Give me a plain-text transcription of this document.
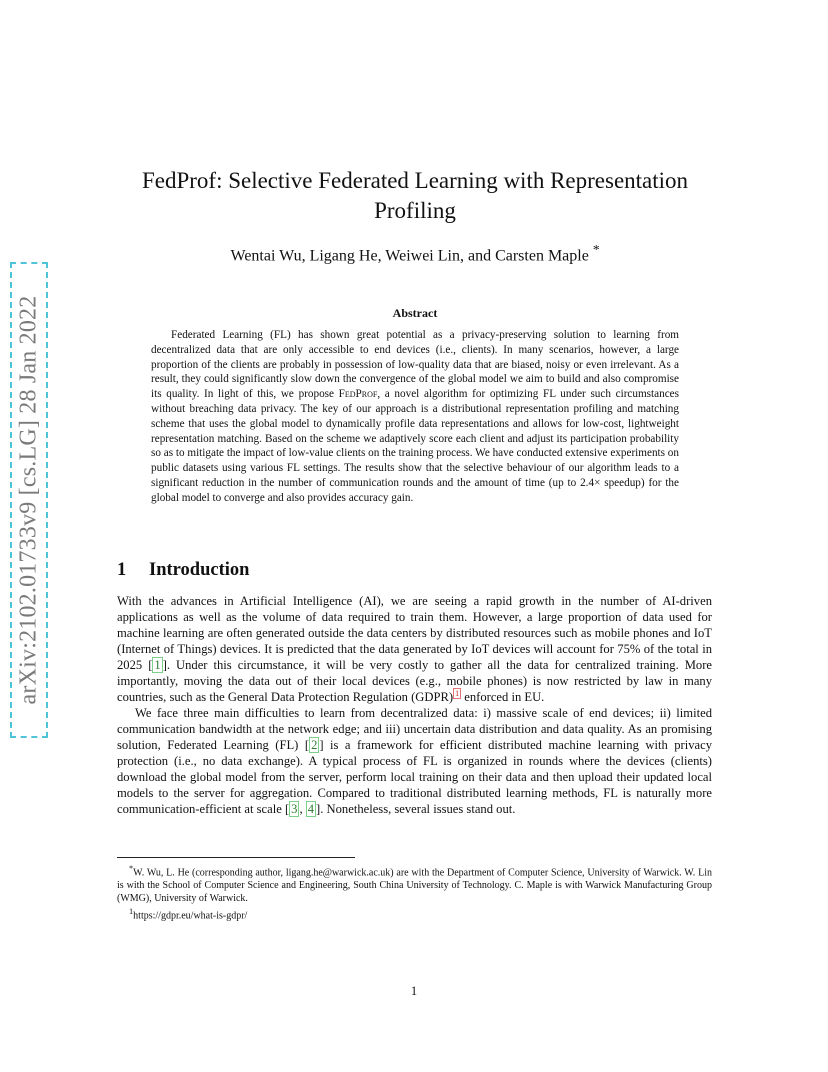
arXiv:2102.01733v9 [cs.LG] 28 Jan 2022
FedProf: Selective Federated Learning with Representation Profiling
Wentai Wu, Ligang He, Weiwei Lin, and Carsten Maple *
Abstract

Federated Learning (FL) has shown great potential as a privacy-preserving solution to learning from decentralized data that are only accessible to end devices (i.e., clients). In many scenarios, however, a large proportion of the clients are probably in possession of low-quality data that are biased, noisy or even irrelevant. As a result, they could significantly slow down the convergence of the global model we aim to build and also compromise its quality. In light of this, we propose FedProf, a novel algorithm for optimizing FL under such circumstances without breaching data privacy. The key of our approach is a distributional representation profiling and matching scheme that uses the global model to dynamically profile data representations and allows for low-cost, lightweight representation matching. Based on the scheme we adaptively score each client and adjust its participation probability so as to mitigate the impact of low-value clients on the training process. We have conducted extensive experiments on public datasets using various FL settings. The results show that the selective behaviour of our algorithm leads to a significant reduction in the number of communication rounds and the amount of time (up to 2.4× speedup) for the global model to converge and also provides accuracy gain.

1 Introduction

With the advances in Artificial Intelligence (AI), we are seeing a rapid growth in the number of AI-driven applications as well as the volume of data required to train them. However, a large proportion of data used for machine learning are often generated outside the data centers by distributed resources such as mobile phones and IoT (Internet of Things) devices. It is predicted that the data generated by IoT devices will account for 75% of the total in 2025 [ 1 ]. Under this circumstance, it will be very costly to gather all the data for centralized training. More importantly, moving the data out of their local devices (e.g., mobile phones) is now restricted by law in many countries, such as the General Data Protection Regulation (GDPR) $^1$ enforced in EU.

We face three main difficulties to learn from decentralized data: i) massive scale of end devices; ii) limited communication bandwidth at the network edge; and iii) uncertain data distribution and data quality. As an promising solution, Federated Learning (FL) [ 2 ] is a framework for efficient distributed machine learning with privacy protection (i.e., no data exchange). A typical process of FL is organized in rounds where the devices (clients) download the global model from the server, perform local training on their data and then upload their updated local models to the server for aggregation. Compared to traditional distributed learning methods, FL is naturally more communication-efficient at scale [ 3 , 4 ]. Nonetheless, several issues stand out.

*W. Wu, L. He (corresponding author, ligang.he@warwick.ac.uk) are with the Department of Computer Science, University of Warwick. W. Lin is with the School of Computer Science and Engineering, South China University of Technology. C. Maple is with Warwick Manufacturing Group (WMG), University of Warwick.

$^1$https://gdpr.eu/what-is-gdpr/

1
